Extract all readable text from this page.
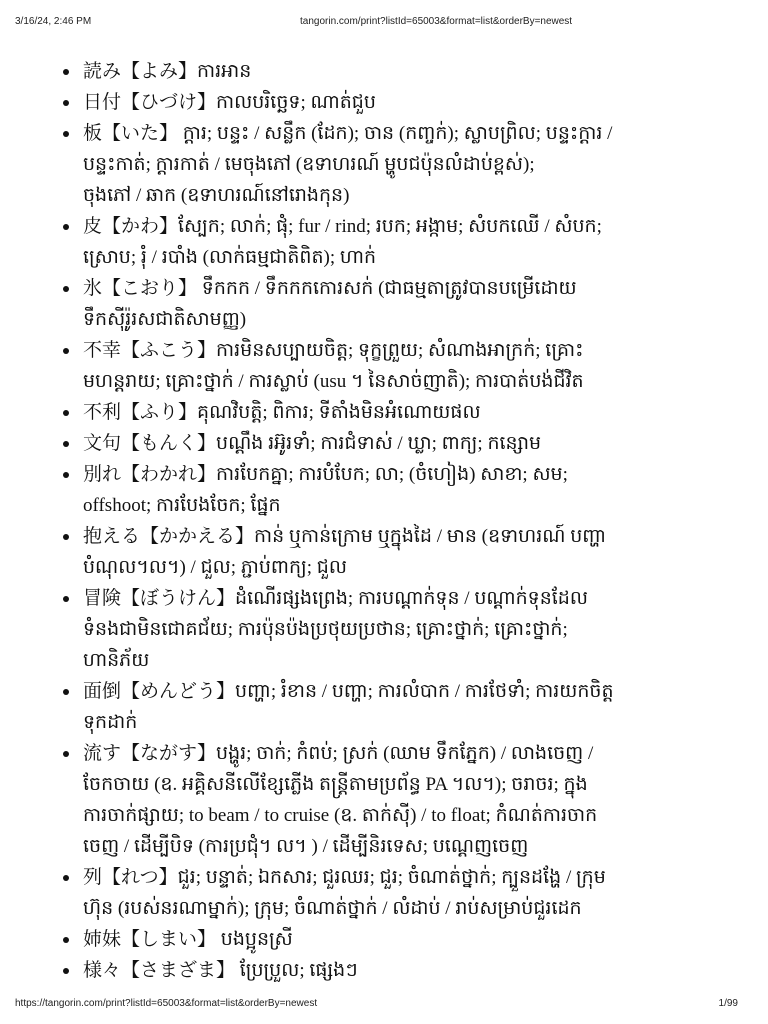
3/16/24, 2:46 PM	tangorin.com/print?listId=65003&format=list&orderBy=newest
読み【よみ】ការអាន
日付【ひづけ】កាលបរិច្ឆេទ; ណាត់ជួប
板【いた】 ក្តារ; បន្ទះ / សន្លឹក (ដែក); ចាន (កញ្ចក់); ស្លាបព្រិល; បន្ទះក្តារ /
បន្ទះកាត់; ក្តារកាត់ / មេចុងភៅ (ឧទាហរណ៍ ម្ហូបជប៉ុនលំដាប់ខ្ពស់);
ចុងភៅ / ឆាក (ឧទាហរណ៍នៅរោងកុន)
皮【かわ】ស្បែក; លាក់; ផុំ; fur / rind; របក; អង្កាម; សំបកឈើ / សំបក;
ស្រោប; រុំ / របាំង (លាក់ធម្មជាតិពិត); ហាក់
氷【こおり】 ទឹកកក / ទឹកកកកោរសក់ (ជាធម្មតាត្រូវបានបម្រើដោយ
ទឹកស៊ីរ៉ូរសជាតិសាមញ្ញ)
不幸【ふこう】ការមិនសប្បាយចិត្ត; ទុក្ខព្រួយ; សំណាងអាក្រក់; គ្រោះ
មហន្តរាយ; គ្រោះថ្នាក់ / ការស្លាប់ (usu ។ នៃសាច់ញាតិ); ការបាត់បង់ជីវិត
不利【ふり】គុណវិបត្តិ; ពិការ; ទីតាំងមិនអំណោយផល
文句【もんく】បណ្តឹង រអ៊ូរទាំ; ការជំទាស់ / ឃ្លា; ពាក្យ; កន្សោម
別れ【わかれ】ការបែកគ្នា; ការបំបែក; លា; (ចំហៀង) សាខា; សម;
offshoot; ការបែងចែក; ផ្នែក
抱える【かかえる】កាន់ ឬកាន់ក្រោម ឬក្នុងដៃ / មាន (ឧទាហរណ៍ បញ្ហា
បំណុល។ល។) / ជួល; ភ្ជាប់ពាក្យ; ជួល
冒険【ぼうけん】ដំណើរផ្សងព្រេង; ការបណ្តាក់ទុន / បណ្តាក់ទុនដែល
ទំនងជាមិនជោគជ័យ; ការប៉ុនប៉ងប្រថុយប្រថាន; គ្រោះថ្នាក់; គ្រោះថ្នាក់;
ហានិភ័យ
面倒【めんどう】បញ្ហា; រំខាន / បញ្ហា; ការលំបាក / ការថែទាំ; ការយកចិត្ត
ទុកដាក់
流す【ながす】បង្ហូរ; ចាក់; កំពប់; ស្រក់ (ឈាម ទឹកភ្នែក) / លាងចេញ /
ចែកចាយ (ឧ. អគ្គិសនីលើខ្សែភ្លើង តន្ត្រីតាមប្រព័ន្ធ PA ។ល។); ចរាចរ; ក្នុង
ការចាក់ផ្សាយ; to beam / to cruise (ឧ. តាក់ស៊ី) / to float; កំណត់ការចាក
ចេញ / ដើម្បីបិទ (ការប្រជុំ។ ល។ ) / ដើម្បីនិរទេស; បណ្តេញចេញ
列【れつ】ជួរ; បន្ទាត់; ឯកសារ; ជួរឈរ; ជួរ; ចំណាត់ថ្នាក់; ក្បួនដង្ហែ / ក្រុម
ហ៊ុន (របស់នរណាម្នាក់); ក្រុម; ចំណាត់ថ្នាក់ / លំដាប់ / រាប់សម្រាប់ជួរដេក
姉妹【しまい】 បងប្អូនស្រី
様々【さまざま】 ប្រែប្រួល; ផ្សេងៗ
https://tangorin.com/print?listId=65003&format=list&orderBy=newest	1/99
